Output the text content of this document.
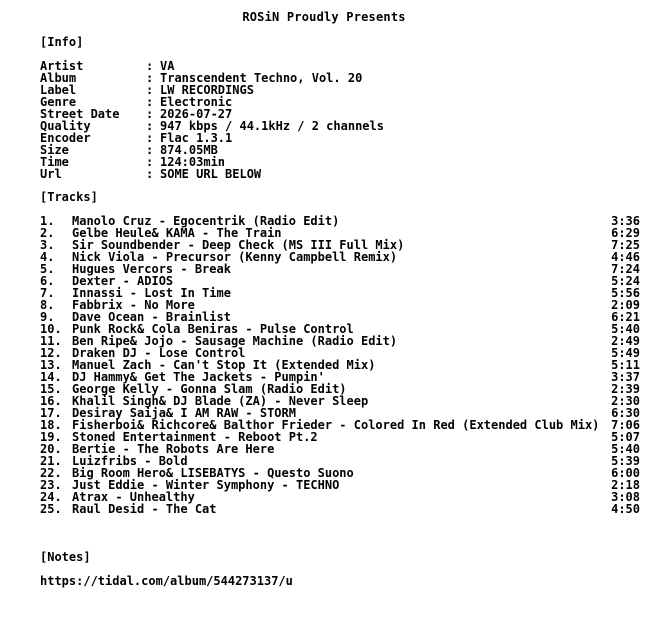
ROSiN Proudly Presents
[Info]
Artist	: VA
Album	: Transcendent Techno, Vol. 20
Label	: LW RECORDINGS
Genre	: Electronic
Street Date	: 2026-07-27
Quality	: 947 kbps / 44.1kHz / 2 channels
Encoder	: Flac 1.3.1
Size	: 874.05MB
Time	: 124:03min
Url	: SOME URL BELOW
[Tracks]
1.	Manolo Cruz - Egocentrik (Radio Edit)	3:36
2.	Gelbe Heule& KAMA - The Train	6:29
3.	Sir Soundbender - Deep Check (MS III Full Mix)	7:25
4.	Nick Viola - Precursor (Kenny Campbell Remix)	4:46
5.	Hugues Vercors - Break	7:24
6.	Dexter - ADIOS	5:24
7.	Innassi - Lost In Time	5:56
8.	Fabbrix - No More	2:09
9.	Dave Ocean - Brainlist	6:21
10. Punk Rock& Cola Beniras - Pulse Control	5:40
11. Ben Ripe& Jojo - Sausage Machine (Radio Edit)	2:49
12. Draken DJ - Lose Control	5:49
13. Manuel Zach - Can't Stop It (Extended Mix)	5:11
14. DJ Hammy& Get The Jackets - Pumpin'	3:37
15. George Kelly - Gonna Slam (Radio Edit)	2:39
16. Khalil Singh& DJ Blade (ZA) - Never Sleep	2:30
17. Desiray Saija& I AM RAW - STORM	6:30
18. Fisherboi& Richcore& Balthor Frieder - Colored In Red (Extended Club Mix) 7:06
19. Stoned Entertainment - Reboot Pt.2	5:07
20. Bertie - The Robots Are Here	5:40
21. Luizfribs - Bold	5:39
22. Big Room Hero& LISEBATYS - Questo Suono	6:00
23. Just Eddie - Winter Symphony - TECHNO	2:18
24. Atrax - Unhealthy	3:08
25. Raul Desid - The Cat	4:50
[Notes]
https://tidal.com/album/544273137/u
